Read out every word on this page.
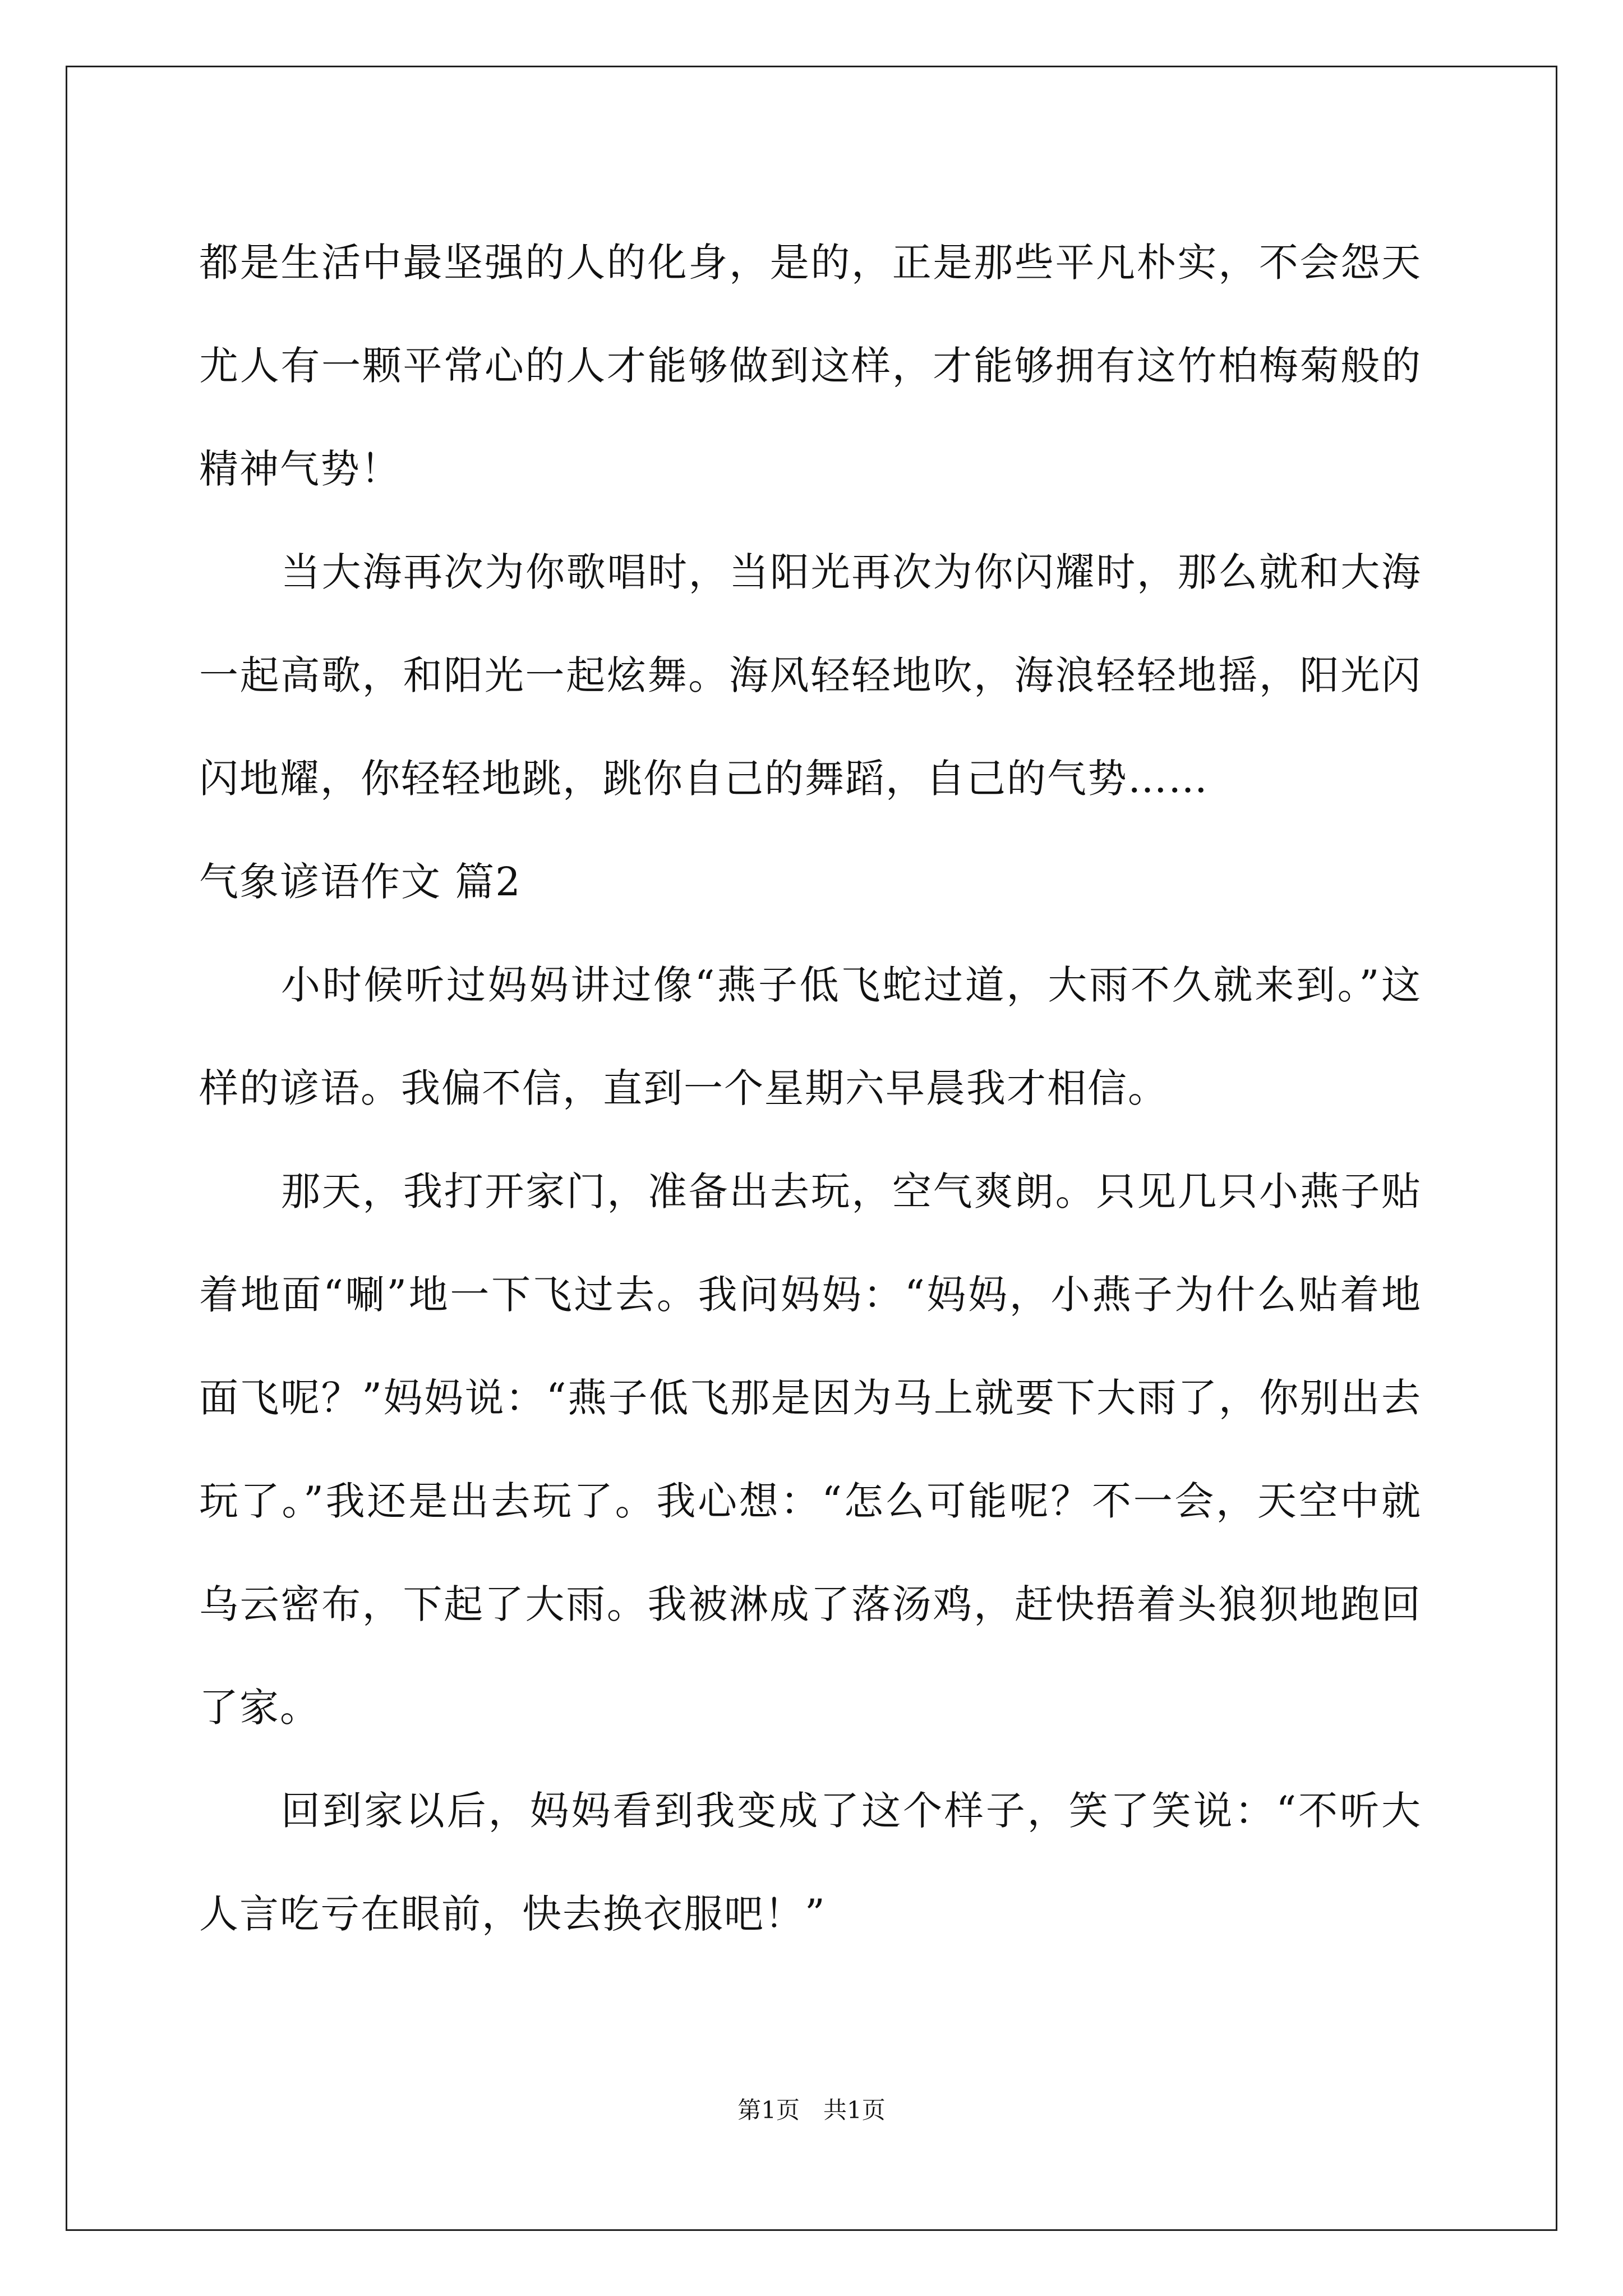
都是生活中最坚强的人的化身，是的，正是那些平凡朴实，不会怨天尤人有一颗平常心的人才能够做到这样，才能够拥有这竹柏梅菊般的精神气势！

当大海再次为你歌唱时，当阳光再次为你闪耀时，那么就和大海一起高歌，和阳光一起炫舞。海风轻轻地吹，海浪轻轻地摇，阳光闪闪地耀，你轻轻地跳，跳你自己的舞蹈，自己的气势……

气象谚语作文 篇2

小时候听过妈妈讲过像“燕子低飞蛇过道，大雨不久就来到。”这样的谚语。我偏不信，直到一个星期六早晨我才相信。

那天，我打开家门，准备出去玩，空气爽朗。只见几只小燕子贴着地面“唰”地一下飞过去。我问妈妈：“妈妈，小燕子为什么贴着地面飞呢？”妈妈说：“燕子低飞那是因为马上就要下大雨了，你别出去玩了。”我还是出去玩了。我心想：“怎么可能呢？不一会，天空中就乌云密布，下起了大雨。我被淋成了落汤鸡，赶快捂着头狼狈地跑回了家。

回到家以后，妈妈看到我变成了这个样子，笑了笑说：“不听大人言吃亏在眼前，快去换衣服吧！”

第1页　共1页
